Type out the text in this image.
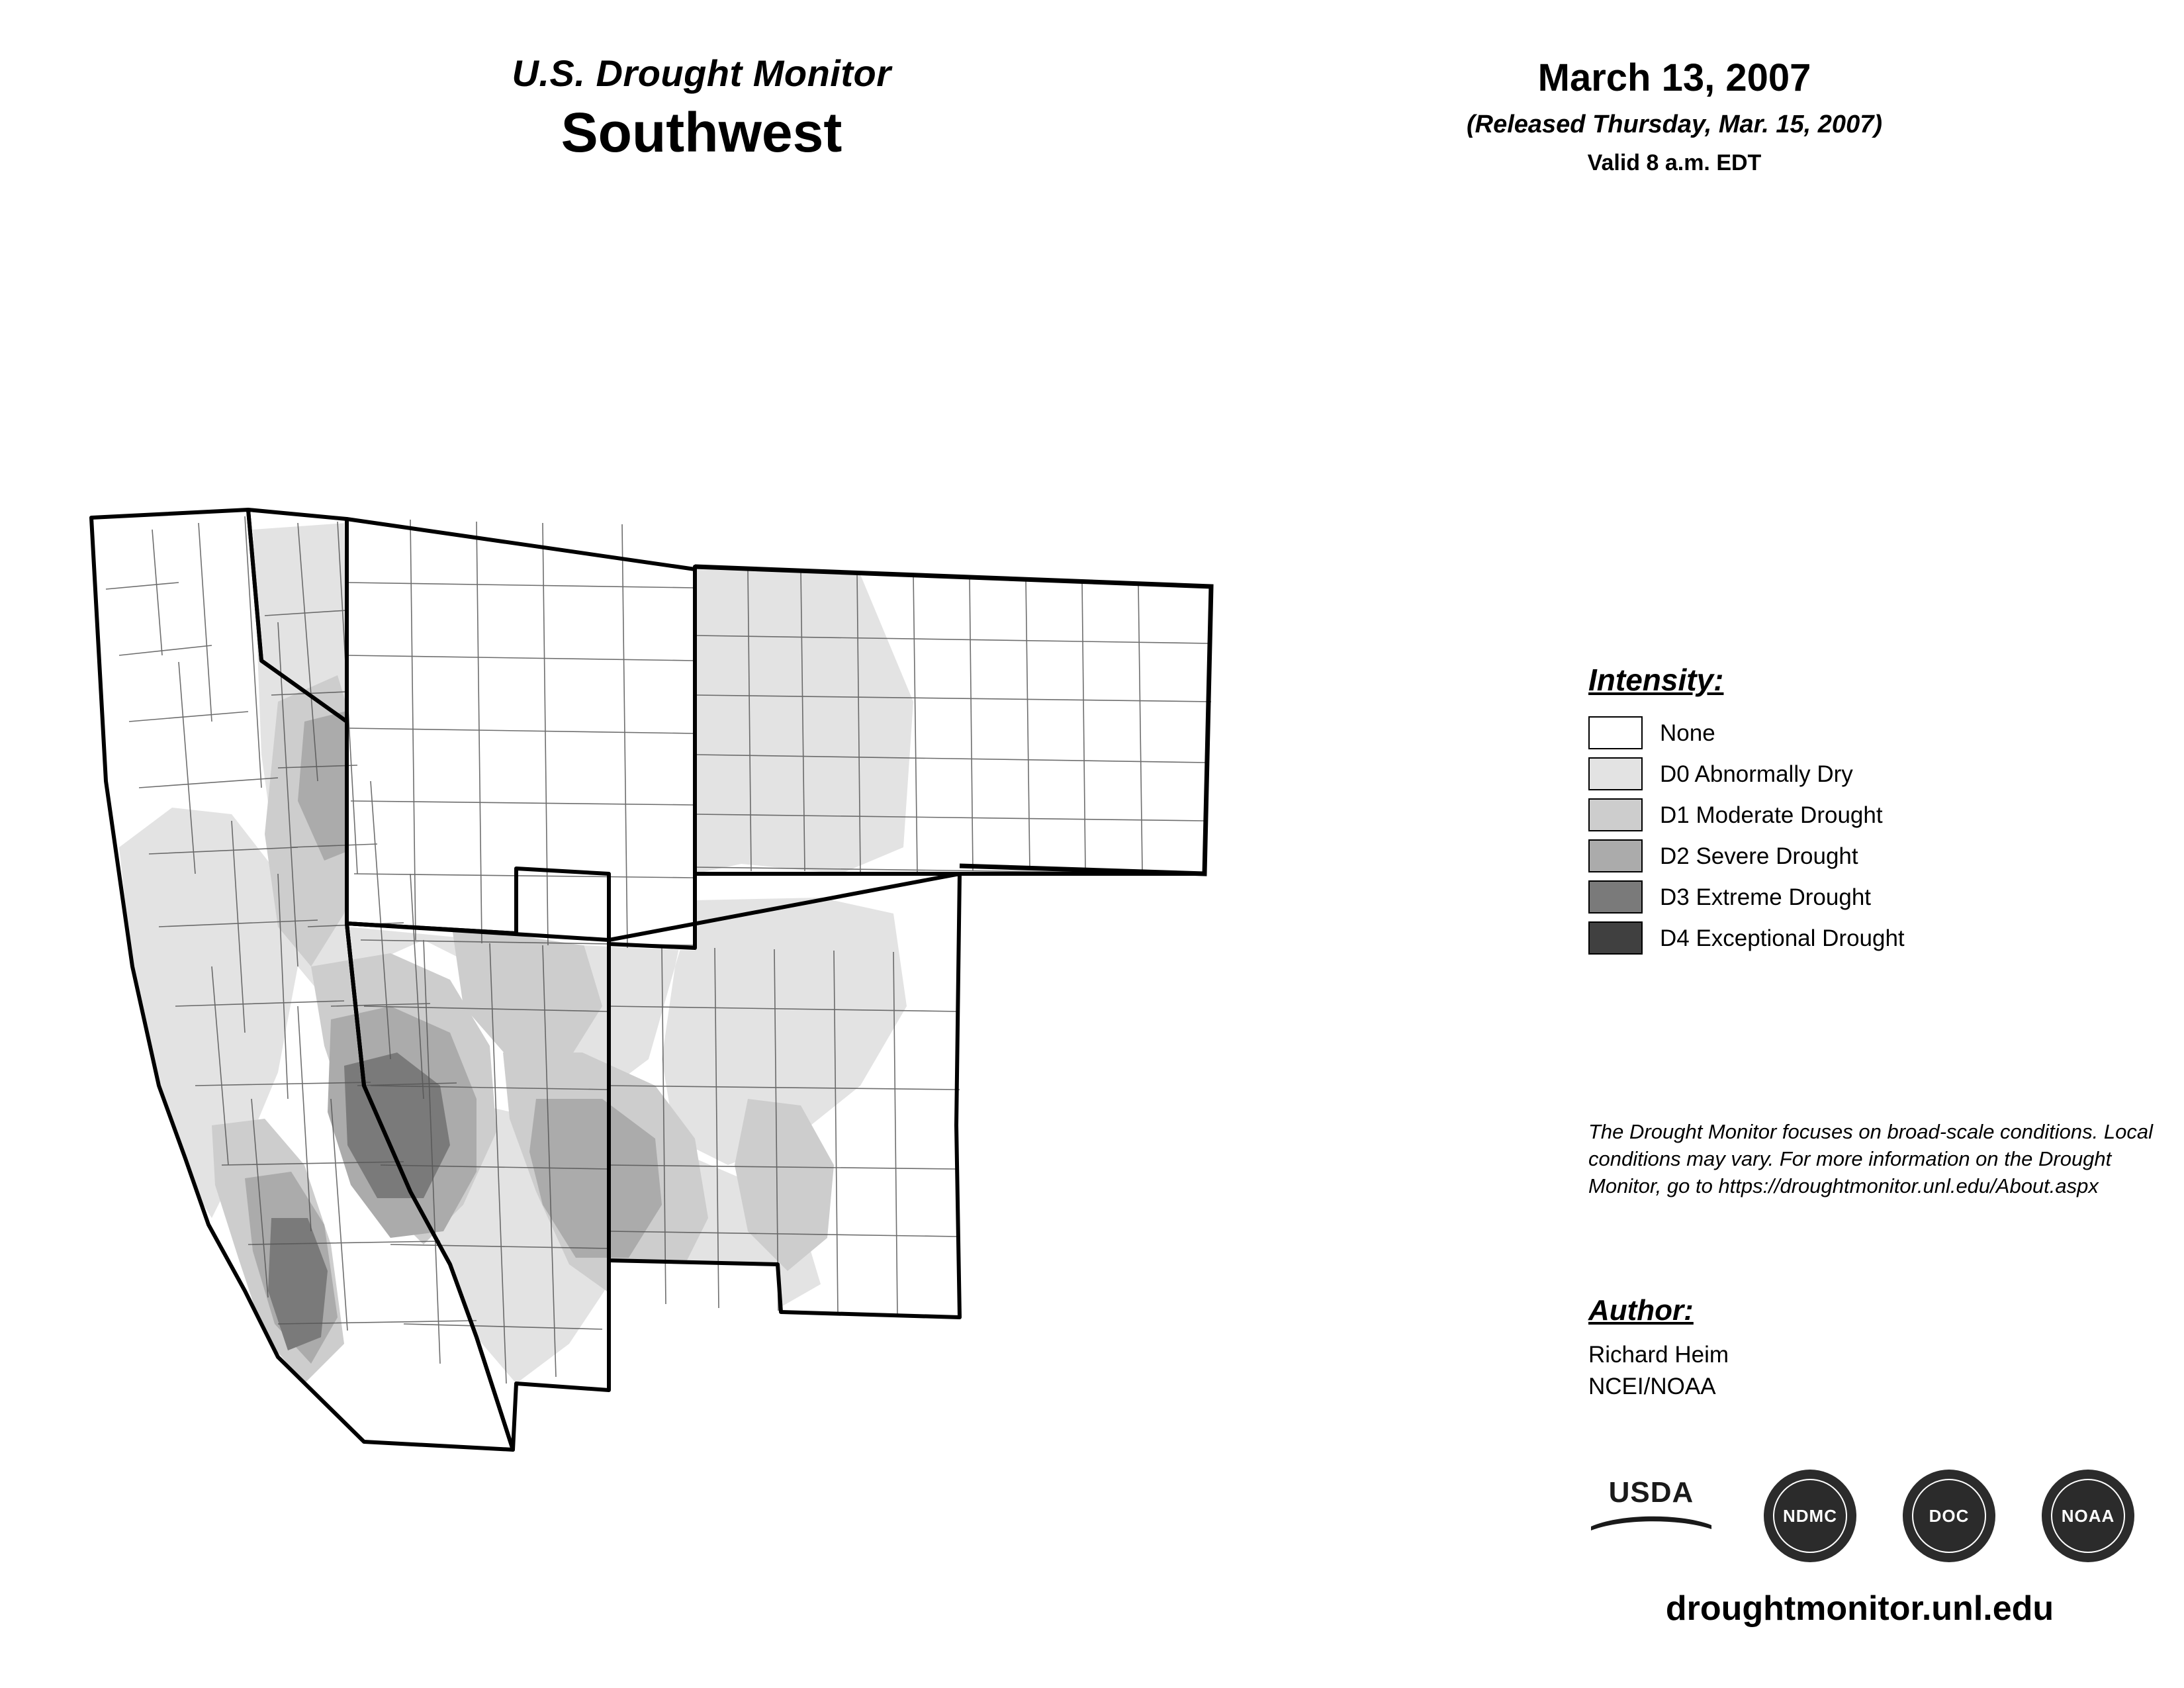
U.S. Drought Monitor
Southwest
March 13, 2007
(Released Thursday, Mar. 15, 2007)
Valid 8 a.m. EDT
Intensity:
None
D0 Abnormally Dry
D1 Moderate Drought
D2 Severe Drought
D3 Extreme Drought
D4 Exceptional Drought
The Drought Monitor focuses on broad-scale conditions. Local conditions may vary. For more information on the Drought Monitor, go to https://droughtmonitor.unl.edu/About.aspx
Author:
Richard Heim
NCEI/NOAA
USDA
NDMC	DOC	NOAA
droughtmonitor.unl.edu
